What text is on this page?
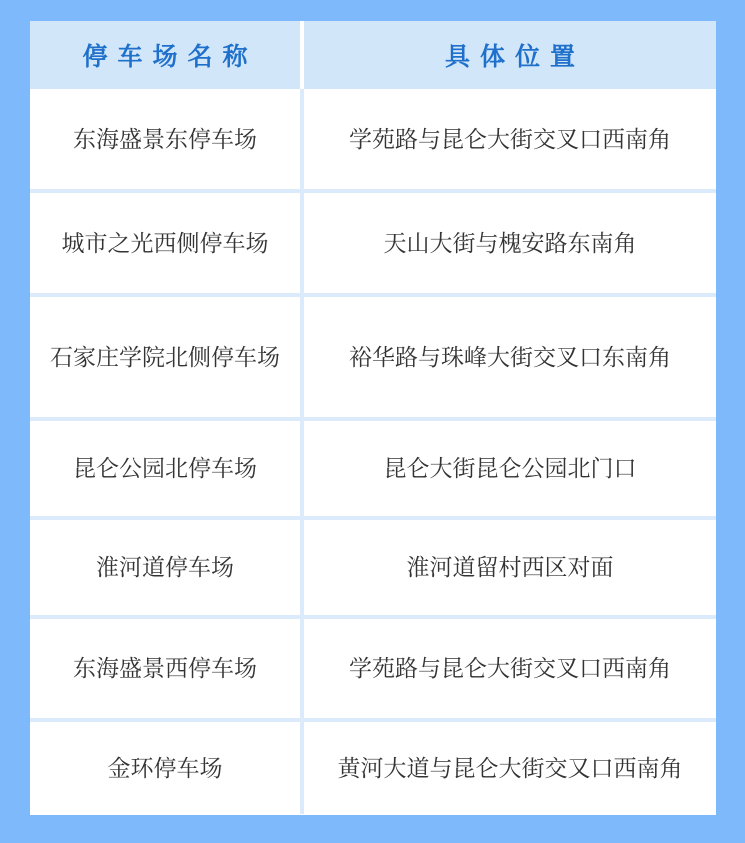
停车场名称	具体位置
东海盛景东停车场	学苑路与昆仑大街交叉口西南角
城市之光西侧停车场	天山大街与槐安路东南角
石家庄学院北侧停车场	裕华路与珠峰大街交叉口东南角
昆仑公园北停车场	昆仑大街昆仑公园北门口
淮河道停车场	淮河道留村西区对面
东海盛景西停车场	学苑路与昆仑大街交叉口西南角
金环停车场	黄河大道与昆仑大街交又口西南角
